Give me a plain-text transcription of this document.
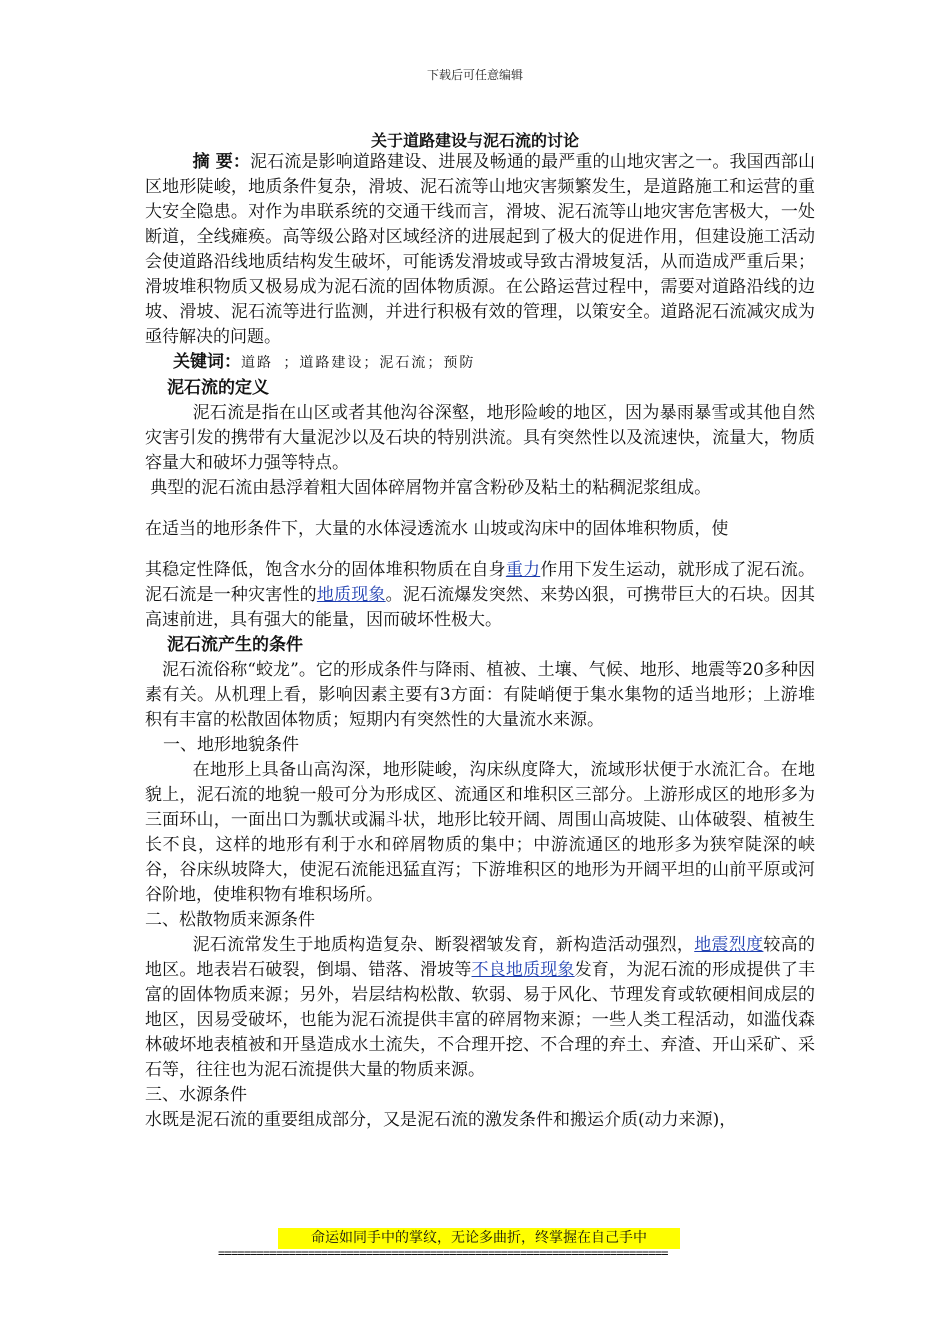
下载后可任意编辑
关于道路建设与泥石流的讨论

摘 要：泥石流是影响道路建设、进展及畅通的最严重的山地灾害之一。我国西部山区地形陡峻，地质条件复杂，滑坡、泥石流等山地灾害频繁发生，是道路施工和运营的重大安全隐患。对作为串联系统的交通干线而言，滑坡、泥石流等山地灾害危害极大，一处断道，全线瘫痪。高等级公路对区域经济的进展起到了极大的促进作用，但建设施工活动会使道路沿线地质结构发生破坏，可能诱发滑坡或导致古滑坡复活，从而造成严重后果；滑坡堆积物质又极易成为泥石流的固体物质源。在公路运营过程中，需要对道路沿线的边坡、滑坡、泥石流等进行监测，并进行积极有效的管理，以策安全。道路泥石流减灾成为亟待解决的问题。

关键词：道路 ；道路建设；泥石流；预防

泥石流的定义

泥石流是指在山区或者其他沟谷深壑，地形险峻的地区，因为暴雨暴雪或其他自然灾害引发的携带有大量泥沙以及石块的特别洪流。具有突然性以及流速快，流量大，物质容量大和破坏力强等特点。

典型的泥石流由悬浮着粗大固体碎屑物并富含粉砂及粘土的粘稠泥浆组成。

在适当的地形条件下，大量的水体浸透流水 山坡或沟床中的固体堆积物质，使

其稳定性降低，饱含水分的固体堆积物质在自身重力作用下发生运动，就形成了泥石流。泥石流是一种灾害性的地质现象。泥石流爆发突然、来势凶狠，可携带巨大的石块。因其高速前进，具有强大的能量，因而破坏性极大。

泥石流产生的条件

泥石流俗称“蛟龙”。它的形成条件与降雨、植被、土壤、气候、地形、地震等20多种因素有关。从机理上看，影响因素主要有3方面：有陡峭便于集水集物的适当地形；上游堆积有丰富的松散固体物质；短期内有突然性的大量流水来源。

一、地形地貌条件

在地形上具备山高沟深，地形陡峻，沟床纵度降大，流域形状便于水流汇合。在地貌上，泥石流的地貌一般可分为形成区、流通区和堆积区三部分。上游形成区的地形多为三面环山，一面出口为瓢状或漏斗状，地形比较开阔、周围山高坡陡、山体破裂、植被生长不良，这样的地形有利于水和碎屑物质的集中；中游流通区的地形多为狭窄陡深的峡谷，谷床纵坡降大，使泥石流能迅猛直泻；下游堆积区的地形为开阔平坦的山前平原或河谷阶地，使堆积物有堆积场所。

二、松散物质来源条件

泥石流常发生于地质构造复杂、断裂褶皱发育，新构造活动强烈，地震烈度较高的地区。地表岩石破裂，倒塌、错落、滑坡等不良地质现象发育，为泥石流的形成提供了丰富的固体物质来源；另外，岩层结构松散、软弱、易于风化、节理发育或软硬相间成层的地区，因易受破坏，也能为泥石流提供丰富的碎屑物来源；一些人类工程活动，如滥伐森林破坏地表植被和开垦造成水土流失，不合理开挖、不合理的弃土、弃渣、开山采矿、采石等，往往也为泥石流提供大量的物质来源。

三、水源条件

水既是泥石流的重要组成部分，又是泥石流的激发条件和搬运介质(动力来源)，

命运如同手中的掌纹，无论多曲折，终掌握在自己手中
======================================================================
